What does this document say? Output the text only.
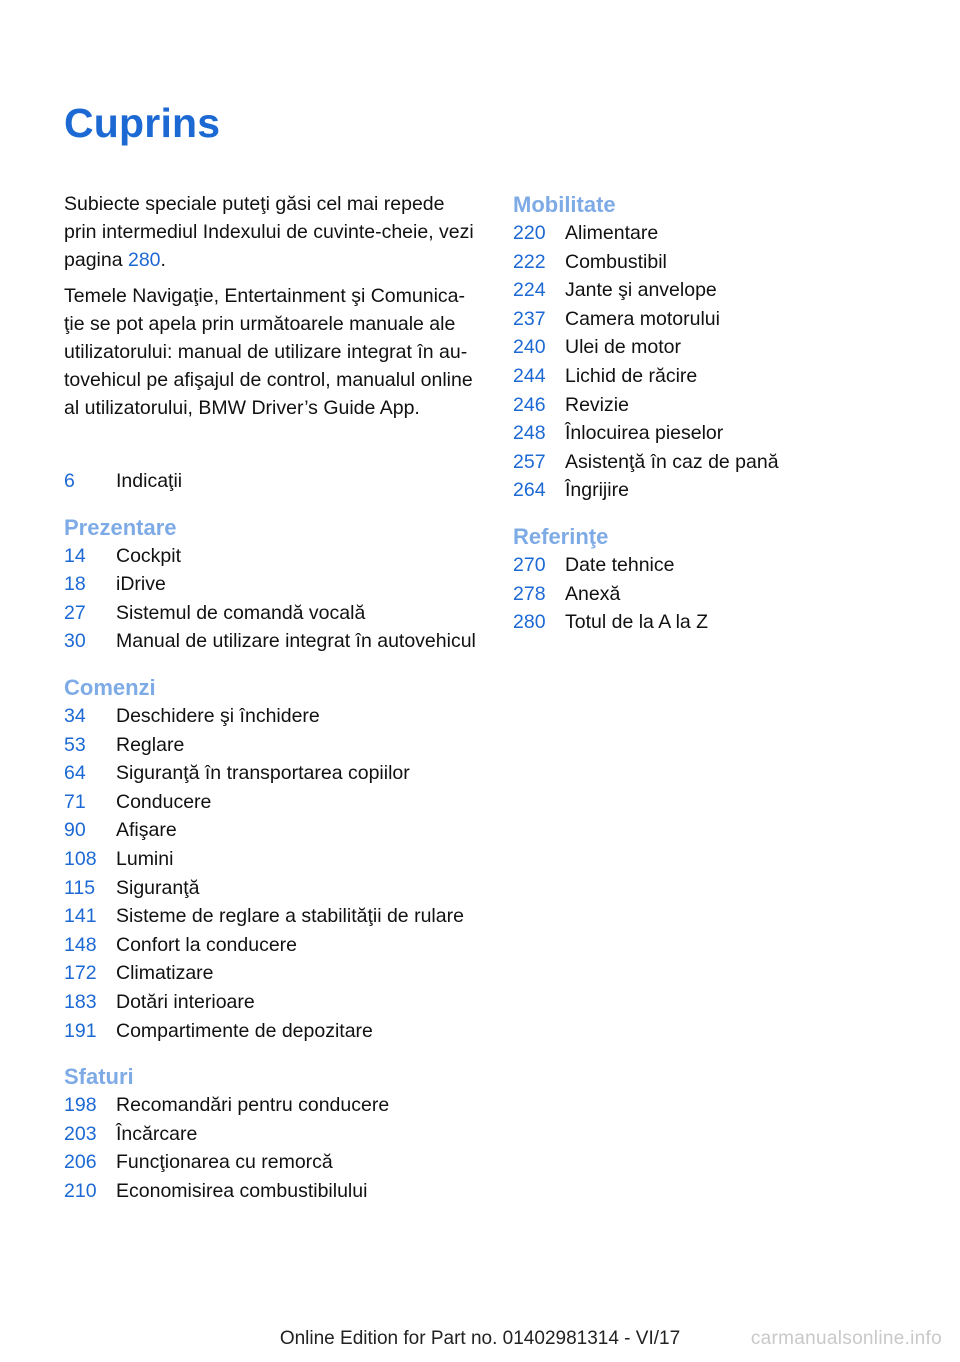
Cuprins

Subiecte speciale puteţi găsi cel mai repede prin intermediul Indexului de cuvinte-cheie, vezi pagina 280.

Temele Navigaţie, Entertainment şi Comunicaţie se pot apela prin următoarele manuale ale utilizatorului: manual de utilizare integrat în autovehicul pe afişajul de control, manualul online al utilizatorului, BMW Driver’s Guide App.

6	Indicaţii
Prezentare
14	Cockpit
18	iDrive
27	Sistemul de comandă vocală
30	Manual de utilizare integrat în autovehicul
Comenzi
34	Deschidere şi închidere
53	Reglare
64	Siguranţă în transportarea copiilor
71	Conducere
90	Afişare
108 Lumini
115	Siguranţă
141 Sisteme de reglare a stabilităţii de rulare
148 Confort la conducere
172 Climatizare
183 Dotări interioare
191 Compartimente de depozitare
Sfaturi
198 Recomandări pentru conducere
203 Încărcare
206 Funcţionarea cu remorcă
210 Economisirea combustibilului
Mobilitate
220 Alimentare
222 Combustibil
224 Jante şi anvelope
237 Camera motorului
240 Ulei de motor
244 Lichid de răcire
246 Revizie
248 Înlocuirea pieselor
257 Asistenţă în caz de pană
264 Îngrijire
Referinţe
270 Date tehnice
278 Anexă
280 Totul de la A la Z
Online Edition for Part no. 01402981314 - VI/17	carmanualsonline.info
